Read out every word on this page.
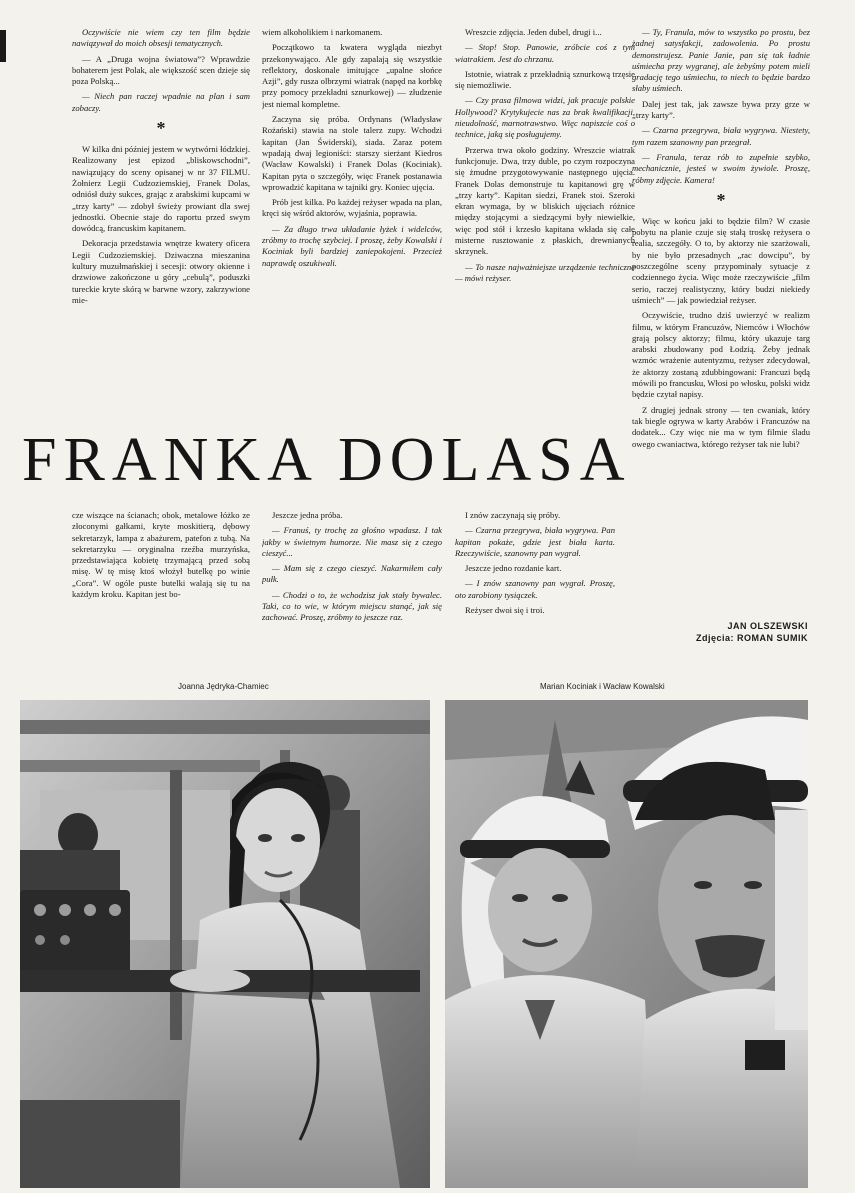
Oczywiście nie wiem czy ten film będzie nawiązywał do moich obsesji tematycznych.

— A „Druga wojna światowa”? Wprawdzie bohaterem jest Polak, ale większość scen dzieje się poza Polską...

— Niech pan raczej wpadnie na plan i sam zobaczy.

*

W kilka dni później jestem w wytwórni łódzkiej. Realizowany jest epizod „bliskowschodni”, nawiązujący do sceny opisanej w nr 37 FILMU. Żołnierz Legii Cudzoziemskiej, Franek Dolas, odniósł duży sukces, grając z arabskimi kupcami w „trzy karty” — zdobył świeży prowiant dla swej jednostki. Obecnie staje do raportu przed swym dowódcą, francuskim kapitanem.

Dekoracja przedstawia wnętrze kwatery oficera Legii Cudzoziemskiej. Dziwaczna mieszanina kultury muzułmańskiej i secesji: otwory okienne i drzwiowe zakończone u góry „cebulą”, poduszki tureckie kryte skórą w barwne wzory, zakrzywione mie-

wiem alkoholikiem i narkomanem.

Początkowo ta kwatera wygląda niezbyt przekonywająco. Ale gdy zapalają się wszystkie reflektory, doskonale imitujące „upalne słońce Azji”, gdy rusza olbrzymi wiatrak (napęd na korbkę przy pomocy przekładni sznurkowej) — złudzenie jest niemal kompletne.

Zaczyna się próba. Ordynans (Władysław Rożański) stawia na stole talerz zupy. Wchodzi kapitan (Jan Świderski), siada. Zaraz potem wpadają dwaj legioniści: starszy sierżant Kiedros (Wacław Kowalski) i Franek Dolas (Kociniak). Kapitan pyta o szczegóły, więc Franek postanawia wprowadzić kapitana w tajniki gry. Koniec ujęcia.

Prób jest kilka. Po każdej reżyser wpada na plan, kręci się wśród aktorów, wyjaśnia, poprawia.

— Za długo trwa układanie łyżek i widelców, zróbmy to trochę szybciej. I proszę, żeby Kowalski i Kociniak byli bardziej zaniepokojeni. Przecież naprawdę oszukiwali.

Wreszcie zdjęcia. Jeden dubel, drugi i...

— Stop! Stop. Panowie, zróbcie coś z tym wiatrakiem. Jest do chrzanu.

Istotnie, wiatrak z przekładnią sznurkową trzęsie się niemożliwie.

— Czy prasa filmowa widzi, jak pracuje polskie Hollywood? Krytykujecie nas za brak kwalifikacji, nieudolność, marnotrawstwo. Więc napiszcie coś o technice, jaką się posługujemy.

Przerwa trwa około godziny. Wreszcie wiatrak funkcjonuje. Dwa, trzy duble, po czym rozpoczyna się żmudne przygotowywanie następnego ujęcia. Franek Dolas demonstruje tu kapitanowi grę w „trzy karty”. Kapitan siedzi, Franek stoi. Szeroki ekran wymaga, by w bliskich ujęciach różnice między stojącymi a siedzącymi były niewielkie, więc pod stół i krzesło kapitana wkłada się całe misterne rusztowanie z płaskich, drewnianych skrzynek.

— To nasze najważniejsze urządzenie techniczne — mówi reżyser.

— Ty, Franula, mów to wszystko po prostu, bez żadnej satysfakcji, zadowolenia. Po prostu demonstrujesz. Panie Janie, pan się tak ładnie uśmiecha przy wygranej, ale żebyśmy potem mieli gradację tego uśmiechu, to niech to będzie bardzo słaby uśmiech.

Dalej jest tak, jak zawsze bywa przy grze w „trzy karty”.

— Czarna przegrywa, biała wygrywa. Niestety, tym razem szanowny pan przegrał.

— Franula, teraz rób to zupełnie szybko, mechanicznie, jesteś w swoim żywiole. Proszę, róbmy zdjęcie. Kamera!

*

Więc w końcu jaki to będzie film? W czasie pobytu na planie czuje się stałą troskę reżysera o realia, szczegóły. O to, by aktorzy nie szarżowali, by nie było przesadnych „rac dowcipu”, by poszczególne sceny przypominały sytuacje z codziennego życia. Więc może rzeczywiście „film serio, raczej realistyczny, który budzi niekiedy uśmiech” — jak powiedział reżyser.

Oczywiście, trudno dziś uwierzyć w realizm filmu, w którym Francuzów, Niemców i Włochów grają polscy aktorzy; filmu, który ukazuje targ arabski zbudowany pod Łodzią. Żeby jednak wzmóc wrażenie autentyzmu, reżyser zdecydował, że aktorzy zostaną zdubbingowani: Francuzi będą mówili po francusku, Włosi po włosku, polski widz będzie czytał napisy.

Z drugiej jednak strony — ten cwaniak, który tak biegle ogrywa w karty Arabów i Francuzów na dodatek... Czy więc nie ma w tym filmie śladu owego cwaniactwa, którego reżyser tak nie lubi?

FRANKA DOLASA

cze wiszące na ścianach; obok, metalowe łóżko ze złoconymi gałkami, kryte moskitierą, dębowy sekretarzyk, lampa z abażurem, patefon z tubą. Na sekretarzyku — oryginalna rzeźba murzyńska, przedstawiająca kobietę trzymającą przed sobą misę. W tę misę ktoś włożył butelkę po winie „Cora”. W ogóle puste butelki walają się tu na każdym kroku. Kapitan jest bo-

Jeszcze jedna próba.

— Franuś, ty trochę za głośno wpadasz. I tak jakby w świetnym humorze. Nie masz się z czego cieszyć...

— Mam się z czego cieszyć. Nakarmiłem cały pułk.

— Chodzi o to, że wchodzisz jak stały bywalec. Taki, co to wie, w którym miejscu stanąć, jak się zachować. Proszę, zróbmy to jeszcze raz.

I znów zaczynają się próby.

— Czarna przegrywa, biała wygrywa. Pan kapitan pokaże, gdzie jest biała karta. Rzeczywiście, szanowny pan wygrał.

Jeszcze jedno rozdanie kart.

— I znów szanowny pan wygrał. Proszę, oto zarobiony tysiączek.

Reżyser dwoi się i troi.

JAN OLSZEWSKI
Zdjęcia: ROMAN SUMIK
Joanna Jędryka-Chamiec	Marian Kociniak i Wacław Kowalski
